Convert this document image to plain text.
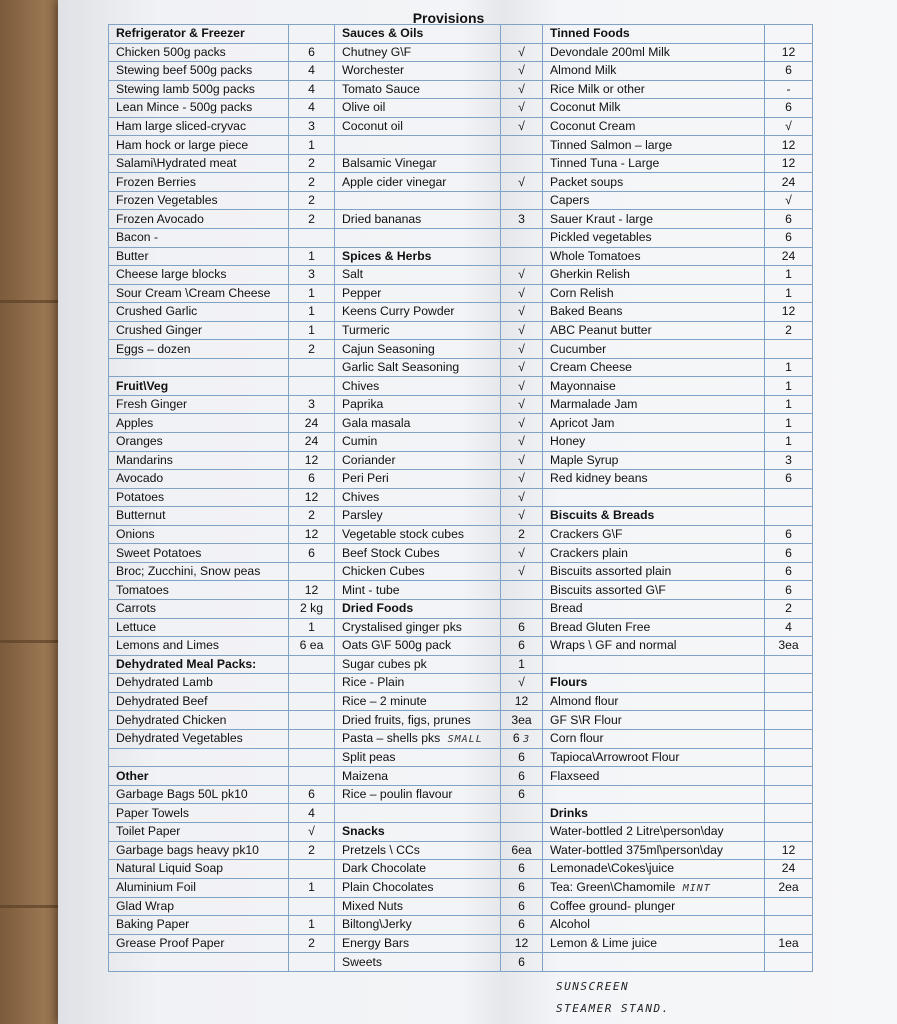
Provisions
Refrigerator & Freezer		Sauces & Oils		Tinned Foods	
Chicken 500g packs	6	Chutney G\F	√	Devondale 200ml Milk	12
Stewing beef 500g packs	4	Worchester	√	Almond Milk	6
Stewing lamb 500g packs	4	Tomato Sauce	√	Rice Milk or other	-
Lean Mince - 500g packs	4	Olive oil	√	Coconut Milk	6
Ham large sliced-cryvac	3	Coconut oil	√	Coconut Cream	√
Ham hock or large piece	1			Tinned Salmon – large	12
Salami\Hydrated meat	2	Balsamic Vinegar		Tinned Tuna - Large	12
Frozen Berries	2	Apple cider vinegar	√	Packet soups	24
Frozen Vegetables	2			Capers	√
Frozen Avocado	2	Dried bananas	3	Sauer Kraut - large	6
Bacon -				Pickled vegetables	6
Butter	1	Spices & Herbs		Whole Tomatoes	24
Cheese large blocks	3	Salt	√	Gherkin Relish	1
Sour Cream \Cream Cheese	1	Pepper	√	Corn Relish	1
Crushed Garlic	1	Keens Curry Powder	√	Baked Beans	12
Crushed Ginger	1	Turmeric	√	ABC Peanut butter	2
Eggs – dozen	2	Cajun Seasoning	√	Cucumber	
		Garlic Salt Seasoning	√	Cream Cheese	1
Fruit\Veg		Chives	√	Mayonnaise	1
Fresh Ginger	3	Paprika	√	Marmalade Jam	1
Apples	24	Gala masala	√	Apricot Jam	1
Oranges	24	Cumin	√	Honey	1
Mandarins	12	Coriander	√	Maple Syrup	3
Avocado	6	Peri Peri	√	Red kidney beans	6
Potatoes	12	Chives	√		
Butternut	2	Parsley	√	Biscuits & Breads	
Onions	12	Vegetable stock cubes	2	Crackers G\F	6
Sweet Potatoes	6	Beef Stock Cubes	√	Crackers plain	6
Broc; Zucchini, Snow peas		Chicken Cubes	√	Biscuits assorted plain	6
Tomatoes	12	Mint - tube		Biscuits assorted G\F	6
Carrots	2 kg	Dried Foods		Bread	2
Lettuce	1	Crystalised ginger pks	6	Bread Gluten Free	4
Lemons and Limes	6 ea	Oats G\F 500g pack	6	Wraps \ GF and normal	3ea
Dehydrated Meal Packs:		Sugar cubes pk	1		
Dehydrated Lamb		Rice - Plain	√	Flours	
Dehydrated Beef		Rice – 2 minute	12	Almond flour	
Dehydrated Chicken		Dried fruits, figs, prunes	3ea	GF S\R Flour	
Dehydrated Vegetables		Pasta – shells pks SMALL	6 3	Corn flour	
		Split peas	6	Tapioca\Arrowroot Flour	
Other		Maizena	6	Flaxseed	
Garbage Bags 50L pk10	6	Rice – poulin flavour	6		
Paper Towels	4			Drinks	
Toilet Paper	√	Snacks		Water-bottled 2 Litre\person\day	
Garbage bags heavy pk10	2	Pretzels \ CCs	6ea	Water-bottled 375ml\person\day	12
Natural Liquid Soap		Dark Chocolate	6	Lemonade\Cokes\juice	24
Aluminium Foil	1	Plain Chocolates	6	Tea: Green\Chamomile MINT	2ea
Glad Wrap		Mixed Nuts	6	Coffee ground- plunger	
Baking Paper	1	Biltong\Jerky	6	Alcohol	
Grease Proof Paper	2	Energy Bars	12	Lemon & Lime juice	1ea
		Sweets	6		
SUNSCREEN
STEAMER STAND.
